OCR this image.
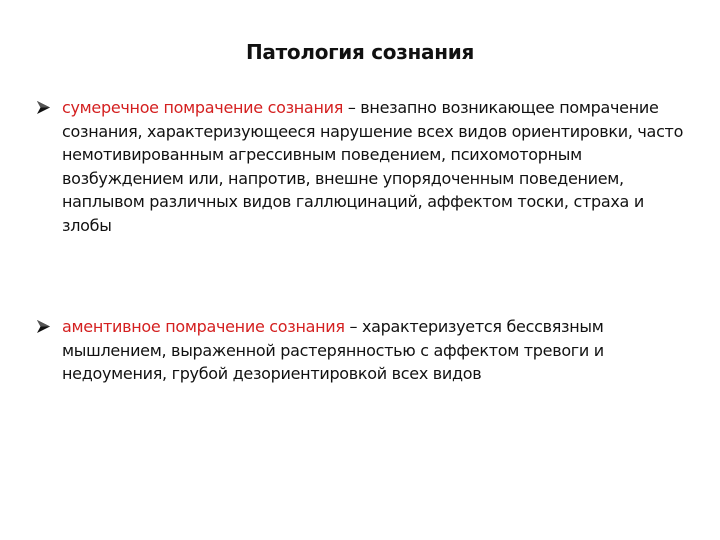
Патология сознания

сумеречное помрачение сознания – внезапно возникающее помрачение сознания, характеризующееся нарушение всех видов ориентировки, часто немотивированным агрессивным поведением, психомоторным возбуждением или, напротив, внешне упорядоченным поведением, наплывом различных видов галлюцинаций, аффектом тоски, страха и злобы

аментивное помрачение сознания – характеризуется бессвязным мышлением, выраженной растерянностью с аффектом тревоги и недоумения, грубой дезориентировкой всех видов
